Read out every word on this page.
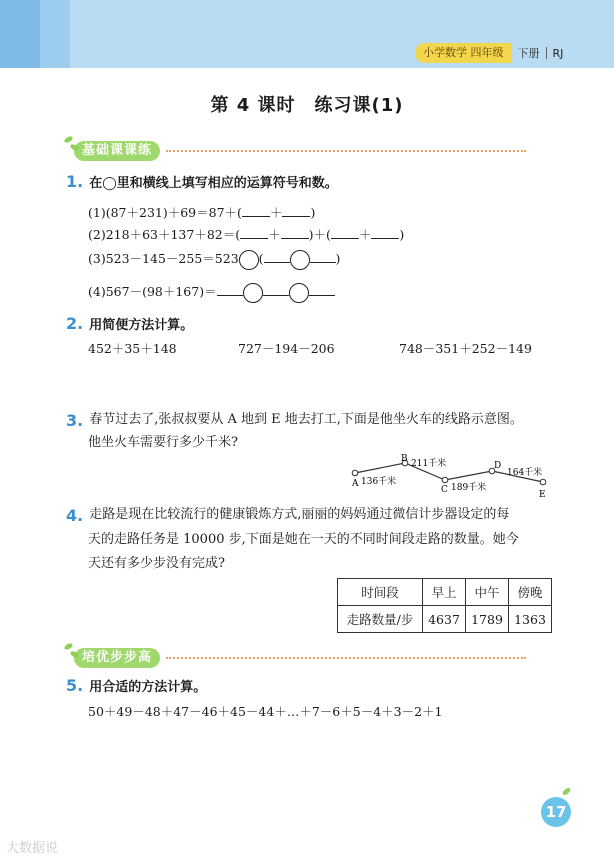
小学数学 四年级	下册	RJ
第 4 课时　练习课(1)
基础课课练
1. 在◯里和横线上填写相应的运算符号和数。
(1)(87＋231)＋69＝87＋( ＋ )
(2)218＋63＋137＋82＝( ＋ )＋( ＋ )
(3)523－145－255＝523 (	)
(4)567－(98＋167)＝
2. 用简便方法计算。
452＋35＋148	727－194－206	748－351＋252－149
3. 春节过去了,张叔叔要从 A 地到 E 地去打工,下面是他坐火车的线路示意图。
他坐火车需要行多少千米?
A 136千米
B 211千米
C 189千米
D
164千米
E
4. 走路是现在比较流行的健康锻炼方式,丽丽的妈妈通过微信计步器设定的每
天的走路任务是 10000 步,下面是她在一天的不同时间段走路的数量。她今
天还有多少步没有完成?
时间段	早上	中午	傍晚
走路数量/步	4637	1789	1363
培优步步高
5. 用合适的方法计算。
50＋49－48＋47－46＋45－44＋…＋7－6＋5－4＋3－2＋1
17
大数据说
